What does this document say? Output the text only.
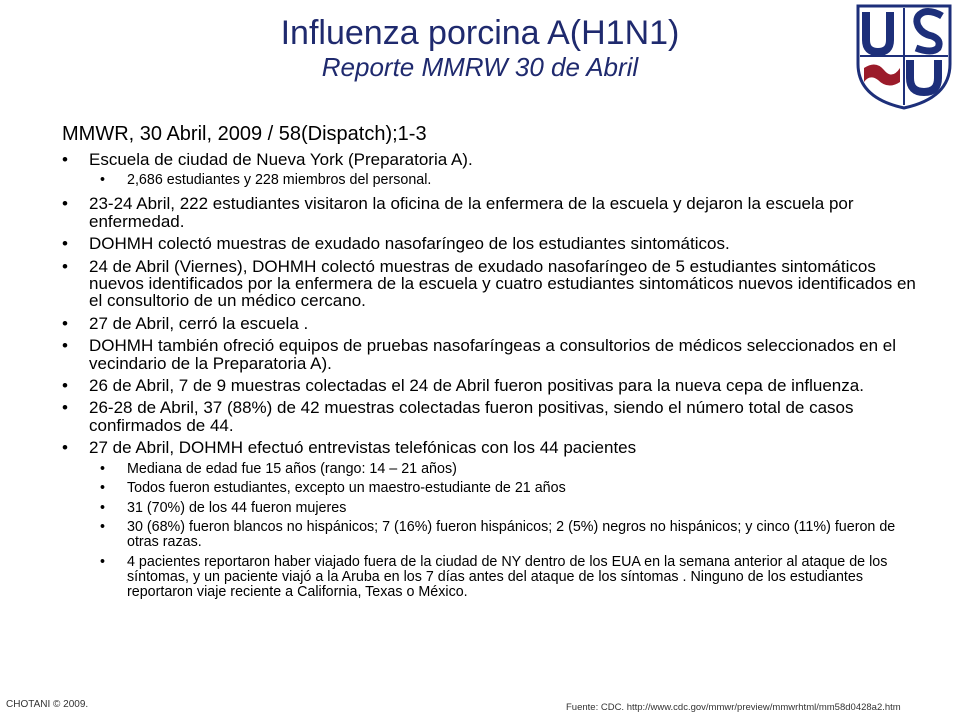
Influenza porcina A(H1N1)
Reporte MMRW 30 de Abril
MMWR, 30 Abril, 2009 / 58(Dispatch);1-3
• Escuela de ciudad de Nueva York (Preparatoria A).
• 2,686 estudiantes y 228 miembros del personal.
• 23-24 Abril, 222 estudiantes visitaron la oficina de la enfermera de la escuela y dejaron la escuela por enfermedad.
• DOHMH colectó muestras de exudado nasofaríngeo de los estudiantes sintomáticos.
• 24 de Abril (Viernes), DOHMH colectó muestras de exudado nasofaríngeo de 5 estudiantes sintomáticos nuevos identificados por la enfermera de la escuela y cuatro estudiantes sintomáticos nuevos identificados en el consultorio de un médico cercano.
• 27 de Abril, cerró la escuela .
• DOHMH también ofreció equipos de pruebas nasofaríngeas a consultorios de médicos seleccionados en el vecindario de la Preparatoria A).
• 26 de Abril, 7 de 9 muestras colectadas el 24 de Abril fueron positivas para la nueva cepa de influenza.
• 26-28 de Abril, 37 (88%) de 42 muestras colectadas fueron positivas, siendo el número total de casos confirmados de 44.
• 27 de Abril, DOHMH efectuó entrevistas telefónicas con los 44 pacientes
• Mediana de edad fue 15 años (rango: 14 – 21 años)
• Todos fueron estudiantes, excepto un maestro-estudiante de 21 años
• 31 (70%) de los 44 fueron mujeres
• 30 (68%) fueron blancos no hispánicos; 7 (16%) fueron hispánicos; 2 (5%) negros no hispánicos; y cinco (11%) fueron de otras razas.
• 4 pacientes reportaron haber viajado fuera de la ciudad de NY dentro de los EUA en la semana anterior al ataque de los síntomas, y un paciente viajó a la Aruba en los 7 días antes del ataque de los síntomas . Ninguno de los estudiantes reportaron viaje reciente a California, Texas o México.
CHOTANI © 2009.	Fuente: CDC. http://www.cdc.gov/mmwr/preview/mmwrhtml/mm58d0428a2.htm
